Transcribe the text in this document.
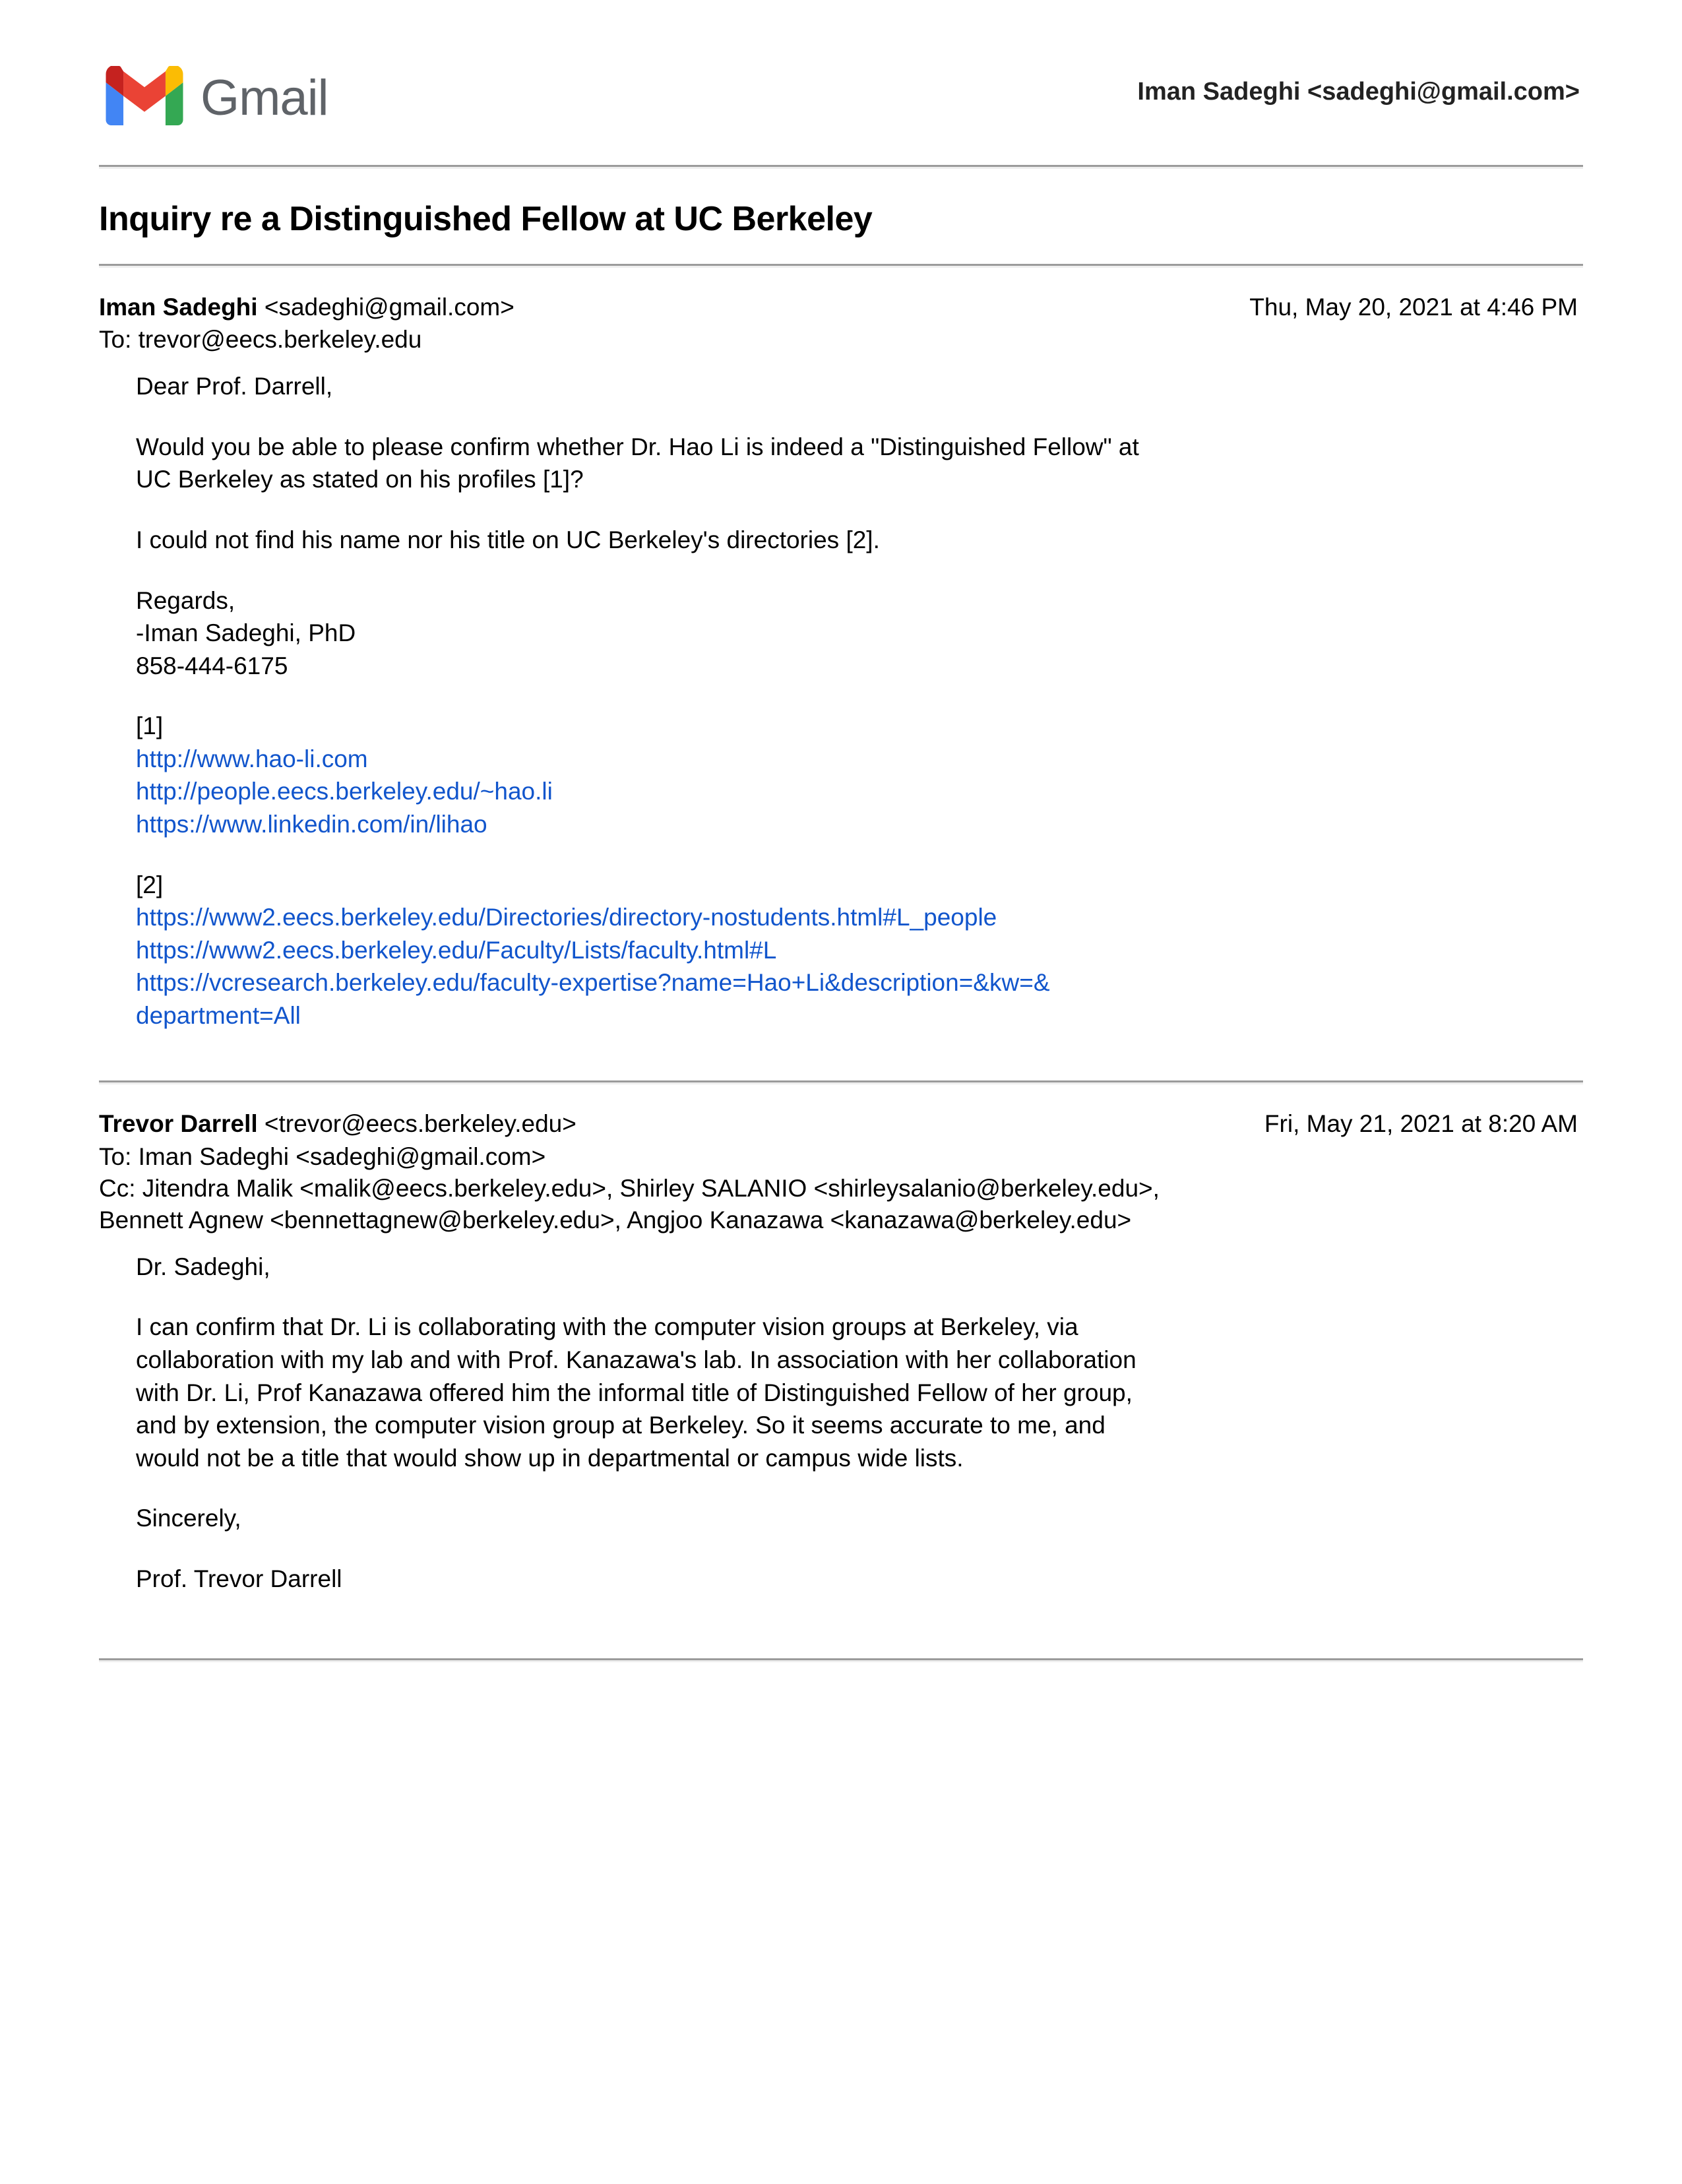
Gmail	Iman Sadeghi <sadeghi@gmail.com>
Inquiry re a Distinguished Fellow at UC Berkeley
Iman Sadeghi <sadeghi@gmail.com>	Thu, May 20, 2021 at 4:46 PM
To: trevor@eecs.berkeley.edu

Dear Prof. Darrell,

Would you be able to please confirm whether Dr. Hao Li is indeed a "Distinguished Fellow" at
UC Berkeley as stated on his profiles [1]?

I could not find his name nor his title on UC Berkeley's directories [2].

Regards,
-Iman Sadeghi, PhD
858-444-6175

[1]

http://www.hao-li.com
http://people.eecs.berkeley.edu/~hao.li
https://www.linkedin.com/in/lihao

[2]

https://www2.eecs.berkeley.edu/Directories/directory-nostudents.html#L_people
https://www2.eecs.berkeley.edu/Faculty/Lists/faculty.html#L
https://vcresearch.berkeley.edu/faculty-expertise?name=Hao+Li&description=&kw=&
department=All

Trevor Darrell <trevor@eecs.berkeley.edu>	Fri, May 21, 2021 at 8:20 AM
To: Iman Sadeghi <sadeghi@gmail.com>
Cc: Jitendra Malik <malik@eecs.berkeley.edu>, Shirley SALANIO <shirleysalanio@berkeley.edu>,
Bennett Agnew <bennettagnew@berkeley.edu>, Angjoo Kanazawa <kanazawa@berkeley.edu>

Dr. Sadeghi,

I can confirm that Dr. Li is collaborating with the computer vision groups at Berkeley, via
collaboration with my lab and with Prof. Kanazawa's lab. In association with her collaboration
with Dr. Li, Prof Kanazawa offered him the informal title of Distinguished Fellow of her group,
and by extension, the computer vision group at Berkeley. So it seems accurate to me, and
would not be a title that would show up in departmental or campus wide lists.

Sincerely,

Prof. Trevor Darrell
